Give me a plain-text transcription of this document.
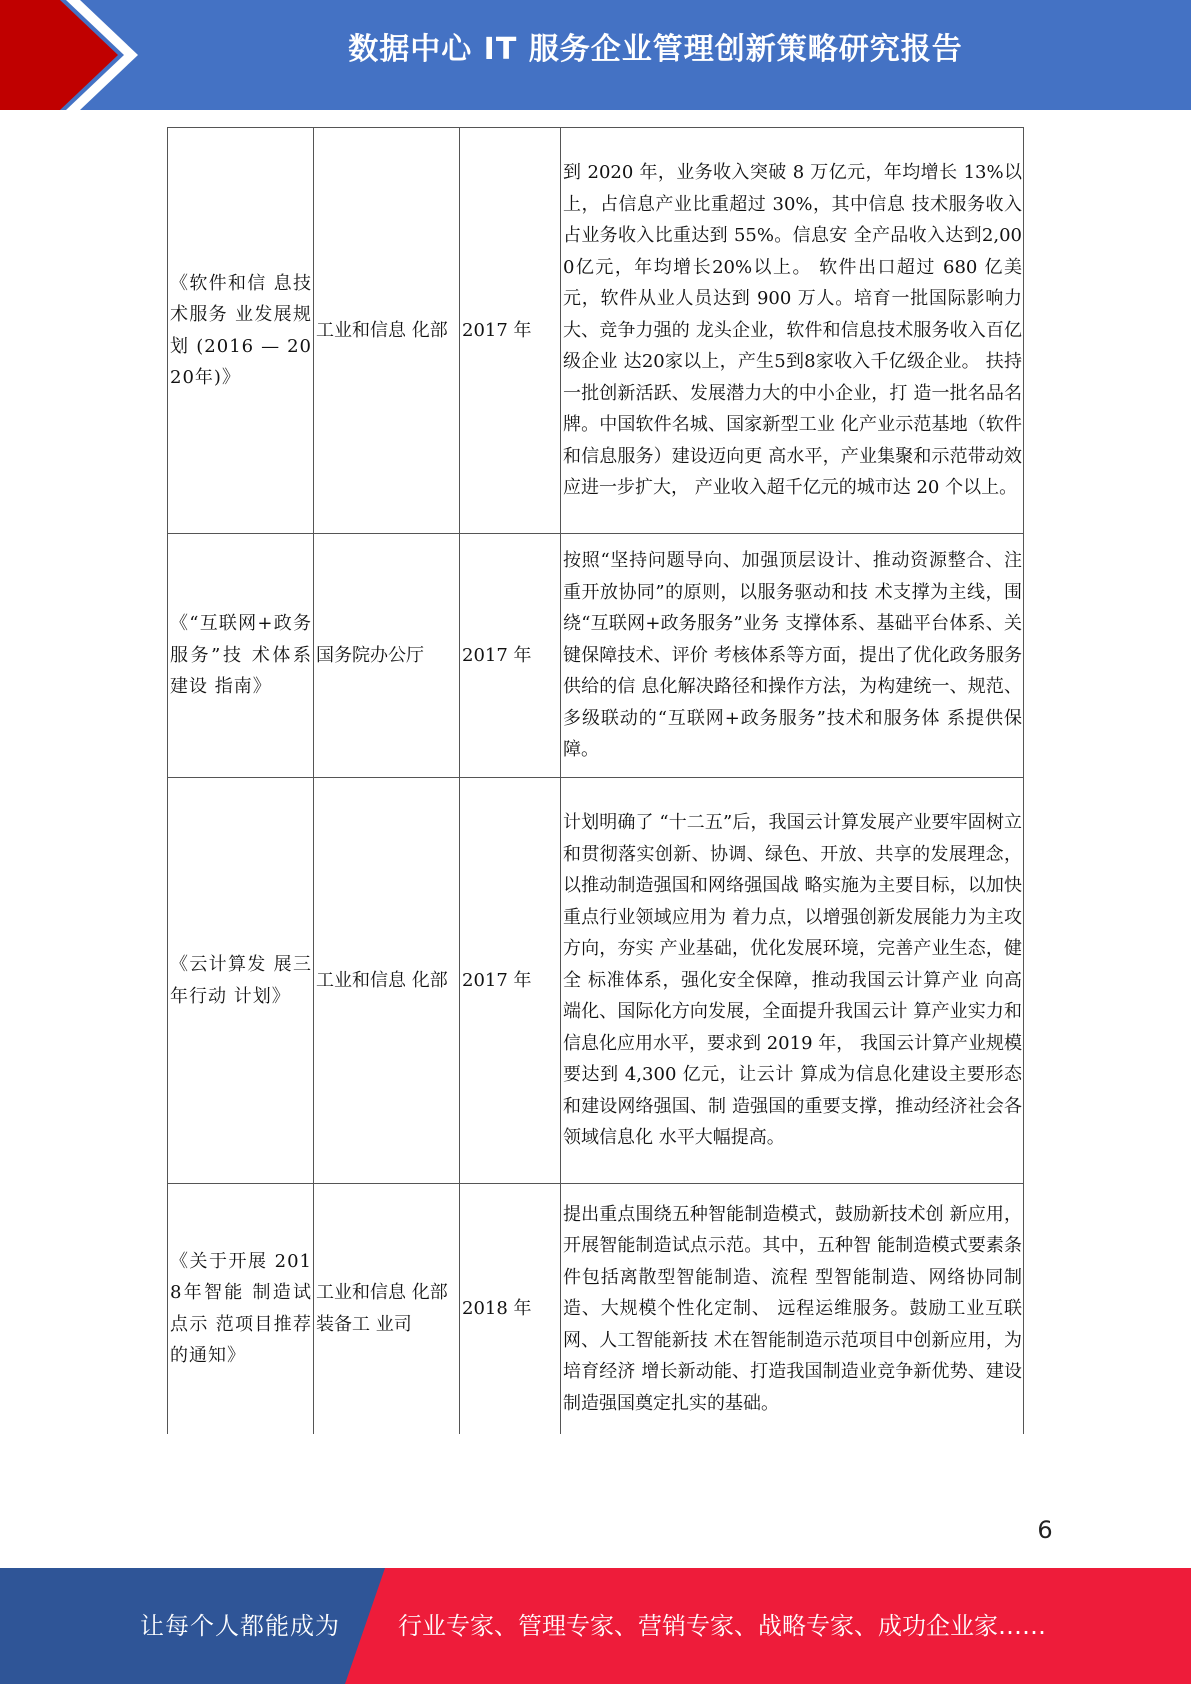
数据中心 IT 服务企业管理创新策略研究报告
《软件和信 息技术服务 业发展规划 (2016 — 2020年)》	工业和信息 化部	2017 年	到 2020 年，业务收入突破 8 万亿元，年均增长 13%以上，占信息产业比重超过 30%，其中信息 技术服务收入占业务收入比重达到 55%。信息安 全产品收入达到2,000亿元，年均增长20%以上。 软件出口超过 680 亿美元，软件从业人员达到 900 万人。培育一批国际影响力大、竞争力强的 龙头企业，软件和信息技术服务收入百亿级企业 达20家以上，产生5到8家收入千亿级企业。 扶持一批创新活跃、发展潜力大的中小企业，打 造一批名品名牌。中国软件名城、国家新型工业 化产业示范基地（软件和信息服务）建设迈向更 高水平，产业集聚和示范带动效应进一步扩大， 产业收入超千亿元的城市达 20 个以上。
《“互联网+政务服务”技 术体系建设 指南》	国务院办公厅	2017 年	按照“坚持问题导向、加强顶层设计、推动资源整合、注重开放协同”的原则，以服务驱动和技 术支撑为主线，围绕“互联网+政务服务”业务 支撑体系、基础平台体系、关键保障技术、评价 考核体系等方面，提出了优化政务服务供给的信 息化解决路径和操作方法，为构建统一、规范、 多级联动的“互联网+政务服务”技术和服务体 系提供保障。
《云计算发 展三年行动 计划》	工业和信息 化部	2017 年	计划明确了 “十二五”后，我国云计算发展产业要牢固树立和贯彻落实创新、协调、绿色、开放、共享的发展理念，以推动制造强国和网络强国战 略实施为主要目标，以加快重点行业领域应用为 着力点，以增强创新发展能力为主攻方向，夯实 产业基础，优化发展环境，完善产业生态，健全 标准体系，强化安全保障，推动我国云计算产业 向高端化、国际化方向发展，全面提升我国云计 算产业实力和信息化应用水平，要求到 2019 年， 我国云计算产业规模要达到 4,300 亿元，让云计 算成为信息化建设主要形态和建设网络强国、制 造强国的重要支撑，推动经济社会各领域信息化 水平大幅提高。
《关于开展 2018年智能 制造试点示 范项目推荐 的通知》	工业和信息 化部装备工 业司	2018 年	提出重点围绕五种智能制造模式，鼓励新技术创 新应用，开展智能制造试点示范。其中，五种智 能制造模式要素条件包括离散型智能制造、流程 型智能制造、网络协同制造、大规模个性化定制、 远程运维服务。鼓励工业互联网、人工智能新技 术在智能制造示范项目中创新应用，为培育经济 增长新动能、打造我国制造业竞争新优势、建设 制造强国奠定扎实的基础。
6
让每个人都能成为 行业专家、管理专家、营销专家、战略专家、成功企业家……
